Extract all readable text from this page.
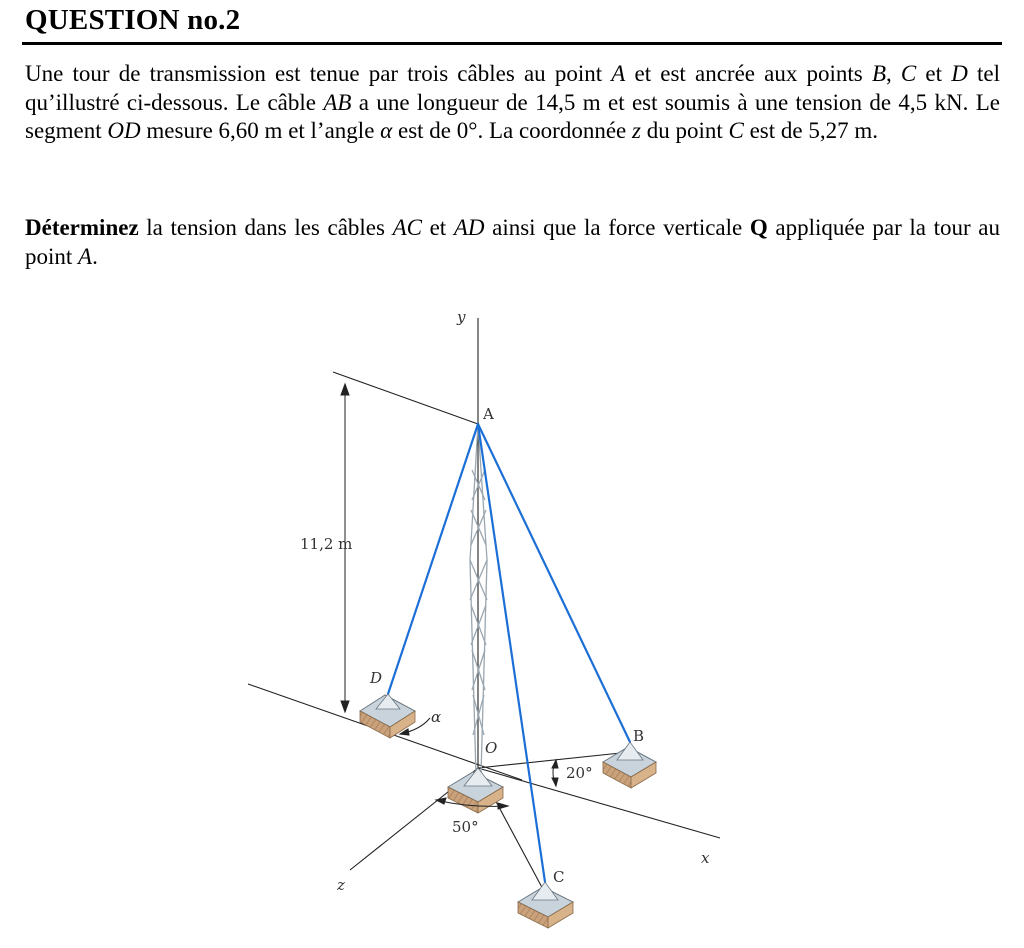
QUESTION no.2

Une tour de transmission est tenue par trois câbles au point A et est ancrée aux points B, C et D tel qu’illustré ci-dessous. Le câble AB a une longueur de 14,5 m et est soumis à une tension de 4,5 kN. Le segment OD mesure 6,60 m et l’angle α est de 0°. La coordonnée z du point C est de 5,27 m.

Déterminez la tension dans les câbles AC et AD ainsi que la force verticale Q appliquée par la tour au point A.

y
A
D
O
B
C
x
z
α
11,2 m
20°
50°
